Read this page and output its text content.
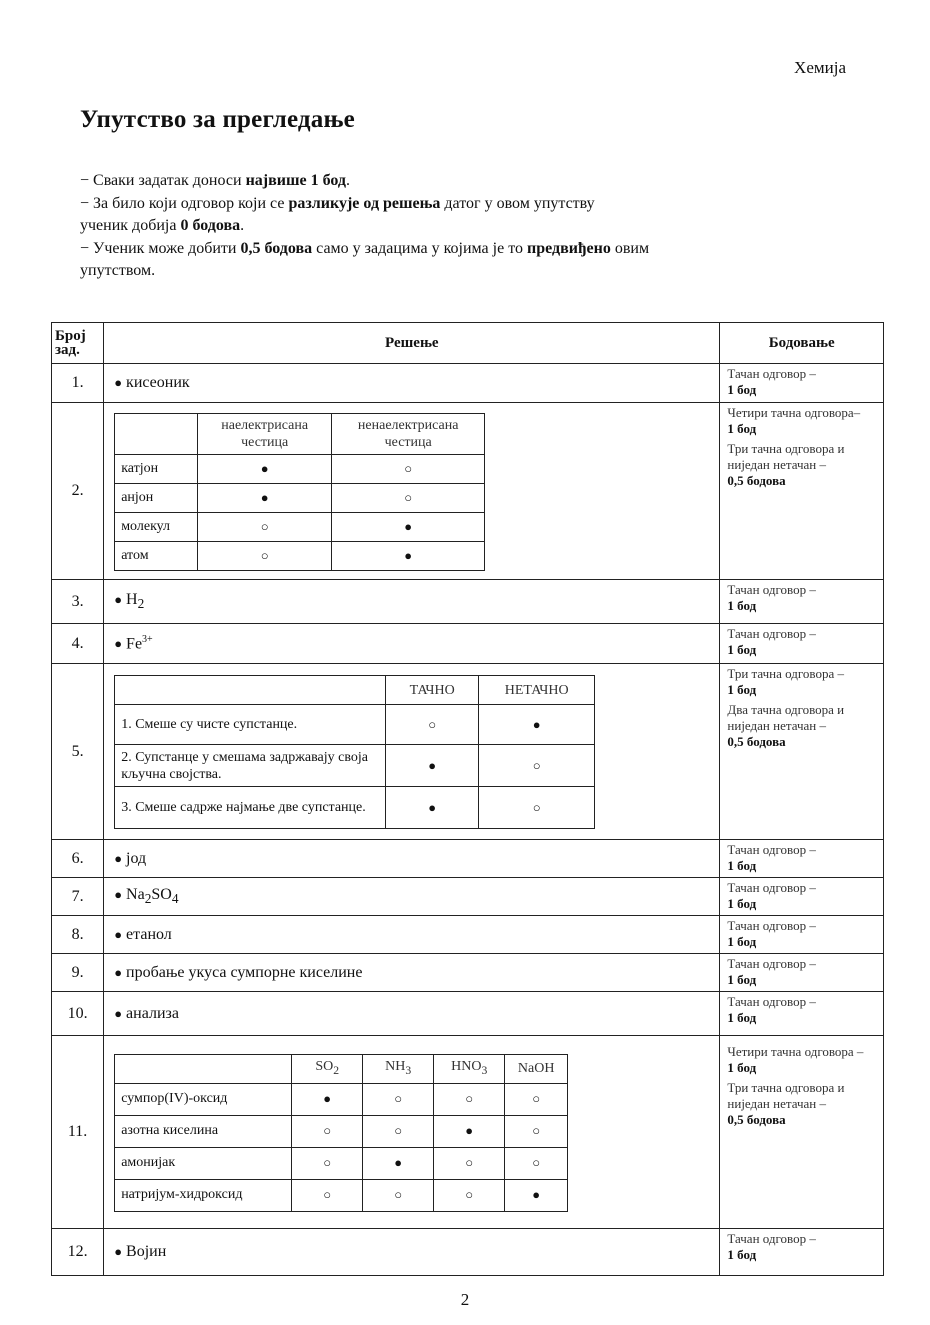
Хемија
Упутство за прегледање

− Сваки задатак доноси највише 1 бод.

− За било који одговор који се разликује од решења датог у овом упутству

ученик добија 0 бодова.

− Ученик може добити 0,5 бодова само у задацима у којима је то предвиђено овим

упутством.

Број зад.	Решење	Бодовање
1.	● кисеоник	Тачан одговор –
1 бод
2.	
	наелектрисана честица	ненаелектрисана честица
катјон	●	○
анјон	●	○
молекул	○	●
атом	○	●

Четири тачна одговора–
1 бод

Три тачна одговора и ниједан нетачан –
0,5 бодова

3.	● $H_2$	Тачан одговор –
1 бод
4.	● $Fe^{3+}$	Тачан одговор –
1 бод
5.	
	ТАЧНО	НЕТАЧНО
1. Смеше су чисте супстанце.	○	●
2. Супстанце у смешама задржавају своја кључна својства.	●	○
3. Смеше садрже најмање две супстанце.	●	○

Три тачна одговора –
1 бод

Два тачна одговора и ниједан нетачан –
0,5 бодова

6.	● јод	Тачан одговор –
1 бод
7.	● $Na_2SO_4$	Тачан одговор –
1 бод
8.	● етанол	Тачан одговор –
1 бод
9.	● пробање укуса сумпорне киселине	Тачан одговор –
1 бод
10.	● анализа	Тачан одговор –
1 бод
11.	
	$SO_2$	$NH_3$	$HNO_3$	NaOH
сумпор(IV)-оксид	●	○	○	○
азотна киселина	○	○	●	○
амонијак	○	●	○	○
натријум-хидроксид	○	○	○	●

Четири тачна одговора –
1 бод

Три тачна одговора и ниједан нетачан –
0,5 бодова

12.	● Војин	Тачан одговор –
1 бод
2
